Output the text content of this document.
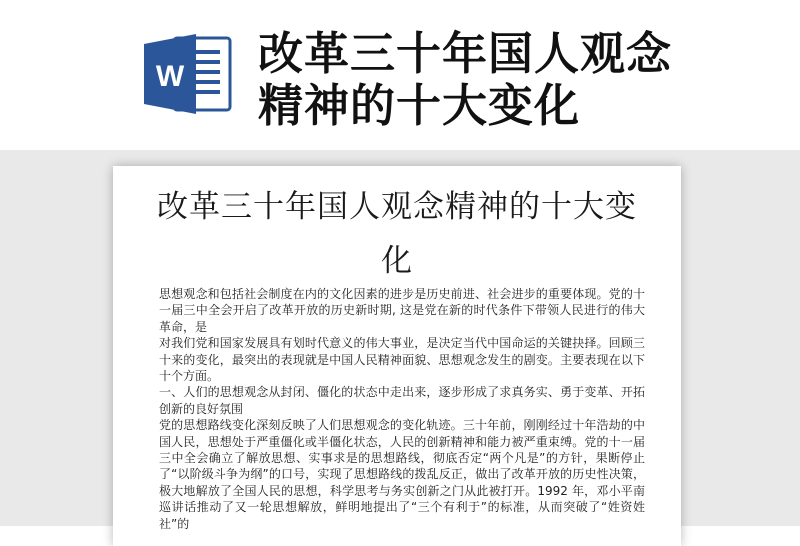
W 改革三十年国人观念精神的十大变化
改革三十年国人观念精神的十大变化

思想观念和包括社会制度在内的文化因素的进步是历史前进、社会进步的重要体现。党的十一届三中全会开启了改革开放的历史新时期, 这是党在新的时代条件下带领人民进行的伟大革命，是

对我们党和国家发展具有划时代意义的伟大事业，是决定当代中国命运的关键抉择。回顾三十来的变化，最突出的表现就是中国人民精神面貌、思想观念发生的剧变。主要表现在以下十个方面。

一、人们的思想观念从封闭、僵化的状态中走出来，逐步形成了求真务实、勇于变革、开拓创新的良好氛围

党的思想路线变化深刻反映了人们思想观念的变化轨迹。三十年前，刚刚经过十年浩劫的中国人民，思想处于严重僵化或半僵化状态，人民的创新精神和能力被严重束缚。党的十一届三中全会确立了解放思想、实事求是的思想路线，彻底否定“两个凡是”的方针，果断停止了“以阶级斗争为纲”的口号，实现了思想路线的拨乱反正，做出了改革开放的历史性决策，极大地解放了全国人民的思想，科学思考与务实创新之门从此被打开。1992 年，邓小平南巡讲话推动了又一轮思想解放，鲜明地提出了“三个有利于”的标准，从而突破了“姓资姓社”的
